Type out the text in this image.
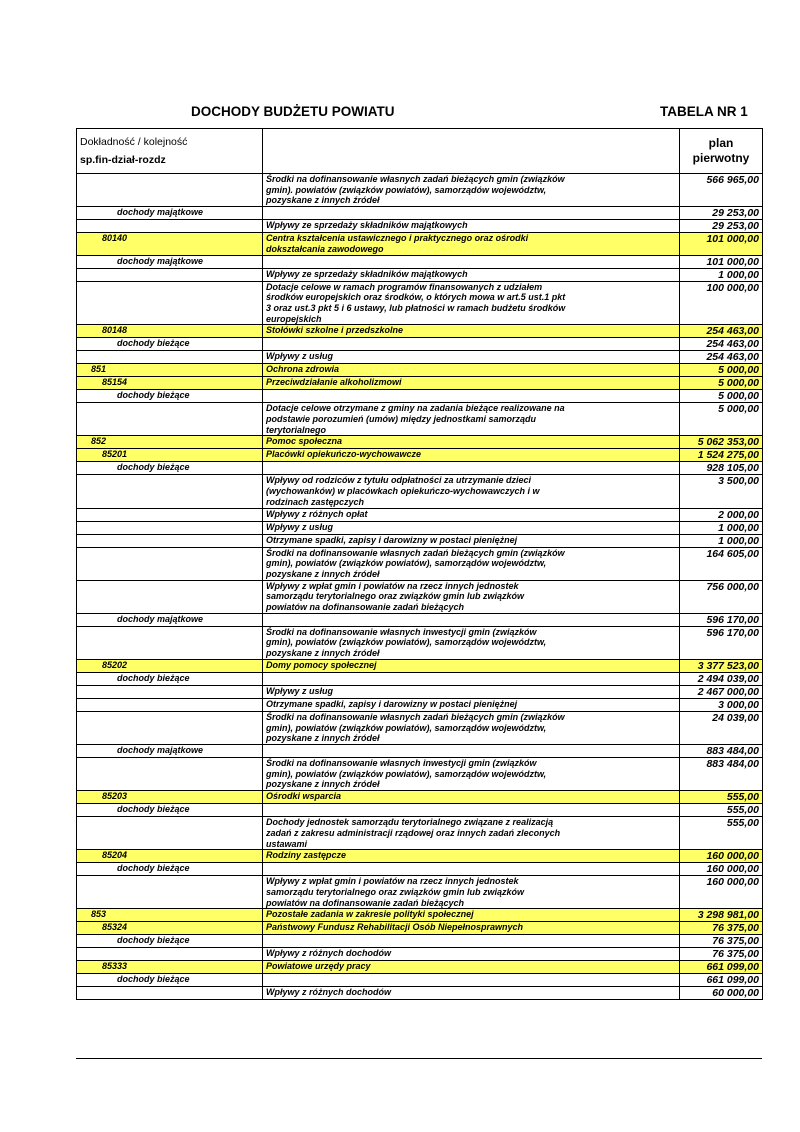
DOCHODY BUDŻETU POWIATU	TABELA NR 1
Dokładność / kolejność
sp.fin-dział-rozdz		plan pierwotny

	Środki na dofinansowanie własnych zadań bieżących gmin (związków gmin). powiatów (związków powiatów), samorządów województw, pozyskane z innych źródeł	566 965,00
dochody majątkowe		29 253,00

	Wpływy ze sprzedaży składników majątkowych	29 253,00
80140	Centra kształcenia ustawicznego i praktycznego oraz ośrodki dokształcania zawodowego	101 000,00
dochody majątkowe		101 000,00

	Wpływy ze sprzedaży składników majątkowych	1 000,00

	Dotacje celowe w ramach programów finansowanych z udziałem środków europejskich oraz środków, o których mowa w art.5 ust.1 pkt 3 oraz ust.3 pkt 5 i 6 ustawy, lub płatności w ramach budżetu środków europejskich	100 000,00
80148	Stołówki szkolne i przedszkolne	254 463,00
dochody bieżące		254 463,00

	Wpływy z usług	254 463,00
851	Ochrona zdrowia	5 000,00
85154	Przeciwdziałanie alkoholizmowi	5 000,00
dochody bieżące		5 000,00

	Dotacje celowe otrzymane z gminy na zadania bieżące realizowane na podstawie porozumień (umów) między jednostkami samorządu terytorialnego	5 000,00
852	Pomoc społeczna	5 062 353,00
85201	Placówki opiekuńczo-wychowawcze	1 524 275,00
dochody bieżące		928 105,00

	Wpływy od rodziców z tytułu odpłatności za utrzymanie dzieci (wychowanków) w placówkach opiekuńczo-wychowawczych i w rodzinach zastępczych	3 500,00

	Wpływy z różnych opłat	2 000,00

	Wpływy z usług	1 000,00

	Otrzymane spadki, zapisy i darowizny w postaci pieniężnej	1 000,00

	Środki na dofinansowanie własnych zadań bieżących gmin (związków gmin), powiatów (związków powiatów), samorządów województw, pozyskane z innych źródeł	164 605,00

	Wpływy z wpłat gmin i powiatów na rzecz innych jednostek samorządu terytorialnego oraz związków gmin lub związków powiatów na dofinansowanie zadań bieżących	756 000,00
dochody majątkowe		596 170,00

	Środki na dofinansowanie własnych inwestycji gmin (związków gmin), powiatów (związków powiatów), samorządów województw, pozyskane z innych źródeł	596 170,00
85202	Domy pomocy społecznej	3 377 523,00
dochody bieżące		2 494 039,00

	Wpływy z usług	2 467 000,00

	Otrzymane spadki, zapisy i darowizny w postaci pieniężnej	3 000,00

	Środki na dofinansowanie własnych zadań bieżących gmin (związków gmin), powiatów (związków powiatów), samorządów województw, pozyskane z innych źródeł	24 039,00
dochody majątkowe		883 484,00

	Środki na dofinansowanie własnych inwestycji gmin (związków gmin), powiatów (związków powiatów), samorządów województw, pozyskane z innych źródeł	883 484,00
85203	Ośrodki wsparcia	555,00
dochody bieżące		555,00

	Dochody jednostek samorządu terytorialnego związane z realizacją zadań z zakresu administracji rządowej oraz innych zadań zleconych ustawami	555,00
85204	Rodziny zastępcze	160 000,00
dochody bieżące		160 000,00

	Wpływy z wpłat gmin i powiatów na rzecz innych jednostek samorządu terytorialnego oraz związków gmin lub związków powiatów na dofinansowanie zadań bieżących	160 000,00
853	Pozostałe zadania w zakresie polityki społecznej	3 298 981,00
85324	Państwowy Fundusz Rehabilitacji Osób Niepełnosprawnych	76 375,00
dochody bieżące		76 375,00

	Wpływy z różnych dochodów	76 375,00
85333	Powiatowe urzędy pracy	661 099,00
dochody bieżące		661 099,00

	Wpływy z różnych dochodów	60 000,00
